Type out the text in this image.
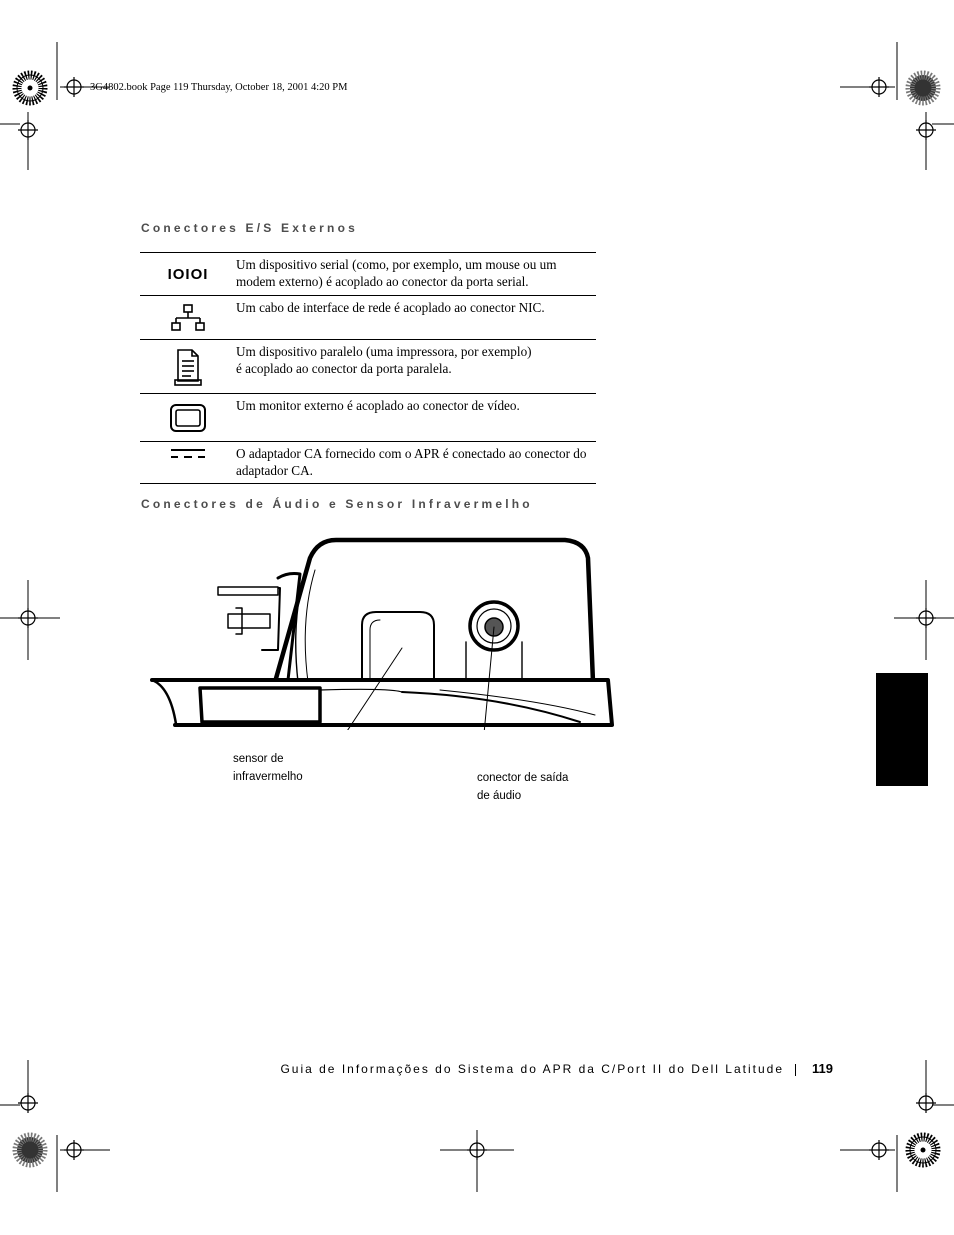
3G4802.book Page 119 Thursday, October 18, 2001 4:20 PM
Conectores E/S Externos
IOIOI
Um dispositivo serial (como, por exemplo, um mouse ou um modem externo) é acoplado ao conector da porta serial.
Um cabo de interface de rede é acoplado ao conector NIC.
Um dispositivo paralelo (uma impressora, por exemplo)
é acoplado ao conector da porta paralela.
Um monitor externo é acoplado ao conector de vídeo.
O adaptador CA fornecido com o APR é conectado ao conector do adaptador CA.
Conectores de Áudio e Sensor Infravermelho
sensor de
infravermelho	conector de saída
de áudio
Guia de Informações do Sistema do APR da C/Port II do Dell Latitude 119
